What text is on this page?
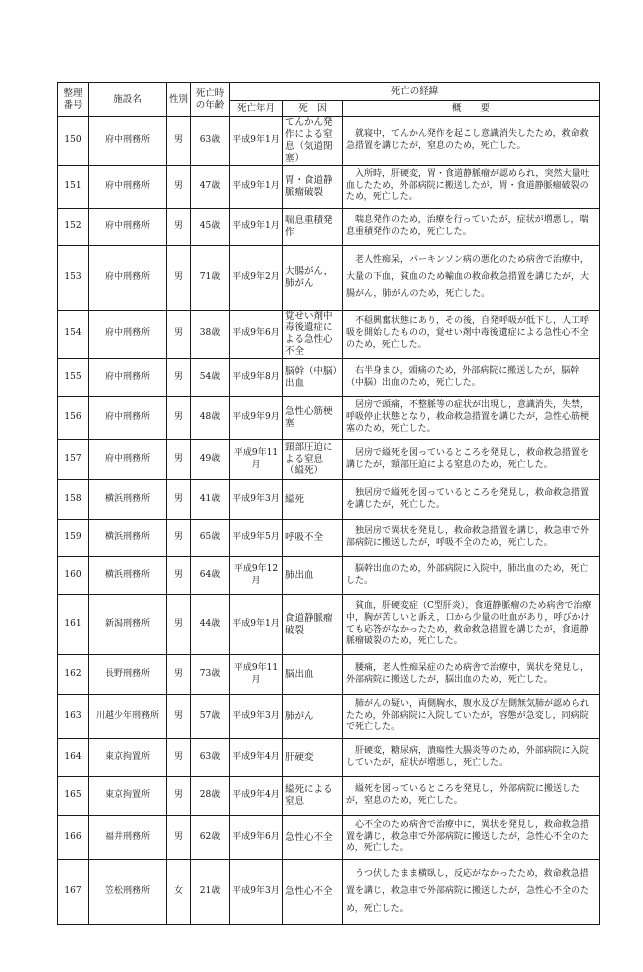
整理
番号	施設名	性別	死亡時
の年齢	死亡の経緯		
				死亡年月	死　因	概　　要
150	府中刑務所	男	63歳	平成9年1月	てんかん発作による窒息（気道閉塞）	就寝中，てんかん発作を起こし意識消失したため，救命救急措置を講じたが，窒息のため，死亡した。
151	府中刑務所	男	47歳	平成9年1月	胃・食道静脈瘤破裂	入所時，肝硬変，胃・食道静脈瘤が認められ，突然大量吐血したため，外部病院に搬送したが，胃・食道静脈瘤破裂のため，死亡した。
152	府中刑務所	男	45歳	平成9年1月	喘息重積発作	喘息発作のため，治療を行っていたが，症状が増悪し，喘息重積発作のため，死亡した。
153	府中刑務所	男	71歳	平成9年2月	大腸がん，肺がん	老人性痴呆，パーキンソン病の悪化のため病舎で治療中，大量の下血，貧血のため輸血の救命救急措置を講じたが，大腸がん，肺がんのため，死亡した。
154	府中刑務所	男	38歳	平成9年6月	覚せい剤中毒後遺症による急性心不全	不穏興奮状態にあり，その後，自発呼吸が低下し，人工呼吸を開始したものの，覚せい剤中毒後遺症による急性心不全のため，死亡した。
155	府中刑務所	男	54歳	平成9年8月	脳幹（中脳）出血	右半身まひ，頭痛のため，外部病院に搬送したが，脳幹（中脳）出血のため，死亡した。
156	府中刑務所	男	48歳	平成9年9月	急性心筋梗塞	居房で頭痛，不整脈等の症状が出現し，意識消失，失禁，呼吸停止状態となり，救命救急措置を講じたが，急性心筋梗塞のため，死亡した。
157	府中刑務所	男	49歳	平成9年11月	頸部圧迫による窒息（縊死）	居房で縊死を図っているところを発見し，救命救急措置を講じたが，頸部圧迫による窒息のため，死亡した。
158	横浜刑務所	男	41歳	平成9年3月	縊死	独居房で縊死を図っているところを発見し，救命救急措置を講じたが，死亡した。
159	横浜刑務所	男	65歳	平成9年5月	呼吸不全	独居房で異状を発見し，救命救急措置を講じ，救急車で外部病院に搬送したが，呼吸不全のため，死亡した。
160	横浜刑務所	男	64歳	平成9年12月	肺出血	脳幹出血のため，外部病院に入院中，肺出血のため，死亡した。
161	新潟刑務所	男	44歳	平成9年1月	食道静脈瘤破裂	貧血，肝硬変症（C型肝炎），食道静脈瘤のため病舎で治療中，胸が苦しいと訴え，口から少量の吐血があり，呼びかけても応答がなかったため，救命救急措置を講じたが，食道静脈瘤破裂のため，死亡した。
162	長野刑務所	男	73歳	平成9年11月	脳出血	腰痛，老人性痴呆症のため病舎で治療中，異状を発見し，外部病院に搬送したが，脳出血のため，死亡した。
163	川越少年刑務所	男	57歳	平成9年3月	肺がん	肺がんの疑い，両側胸水，腹水及び左側無気肺が認められたため，外部病院に入院していたが，容態が急変し，同病院で死亡した。
164	東京拘置所	男	63歳	平成9年4月	肝硬変	肝硬変，糖尿病，潰瘍性大腸炎等のため，外部病院に入院していたが，症状が増悪し，死亡した。
165	東京拘置所	男	28歳	平成9年4月	縊死による窒息	縊死を図っているところを発見し，外部病院に搬送したが，窒息のため，死亡した。
166	福井刑務所	男	62歳	平成9年6月	急性心不全	心不全のため病舎で治療中に，異状を発見し，救命救急措置を講じ，救急車で外部病院に搬送したが，急性心不全のため，死亡した。
167	笠松刑務所	女	21歳	平成9年3月	急性心不全	うつ伏したまま横臥し，反応がなかったため，救命救急措置を講じ，救急車で外部病院に搬送したが，急性心不全のため，死亡した。
